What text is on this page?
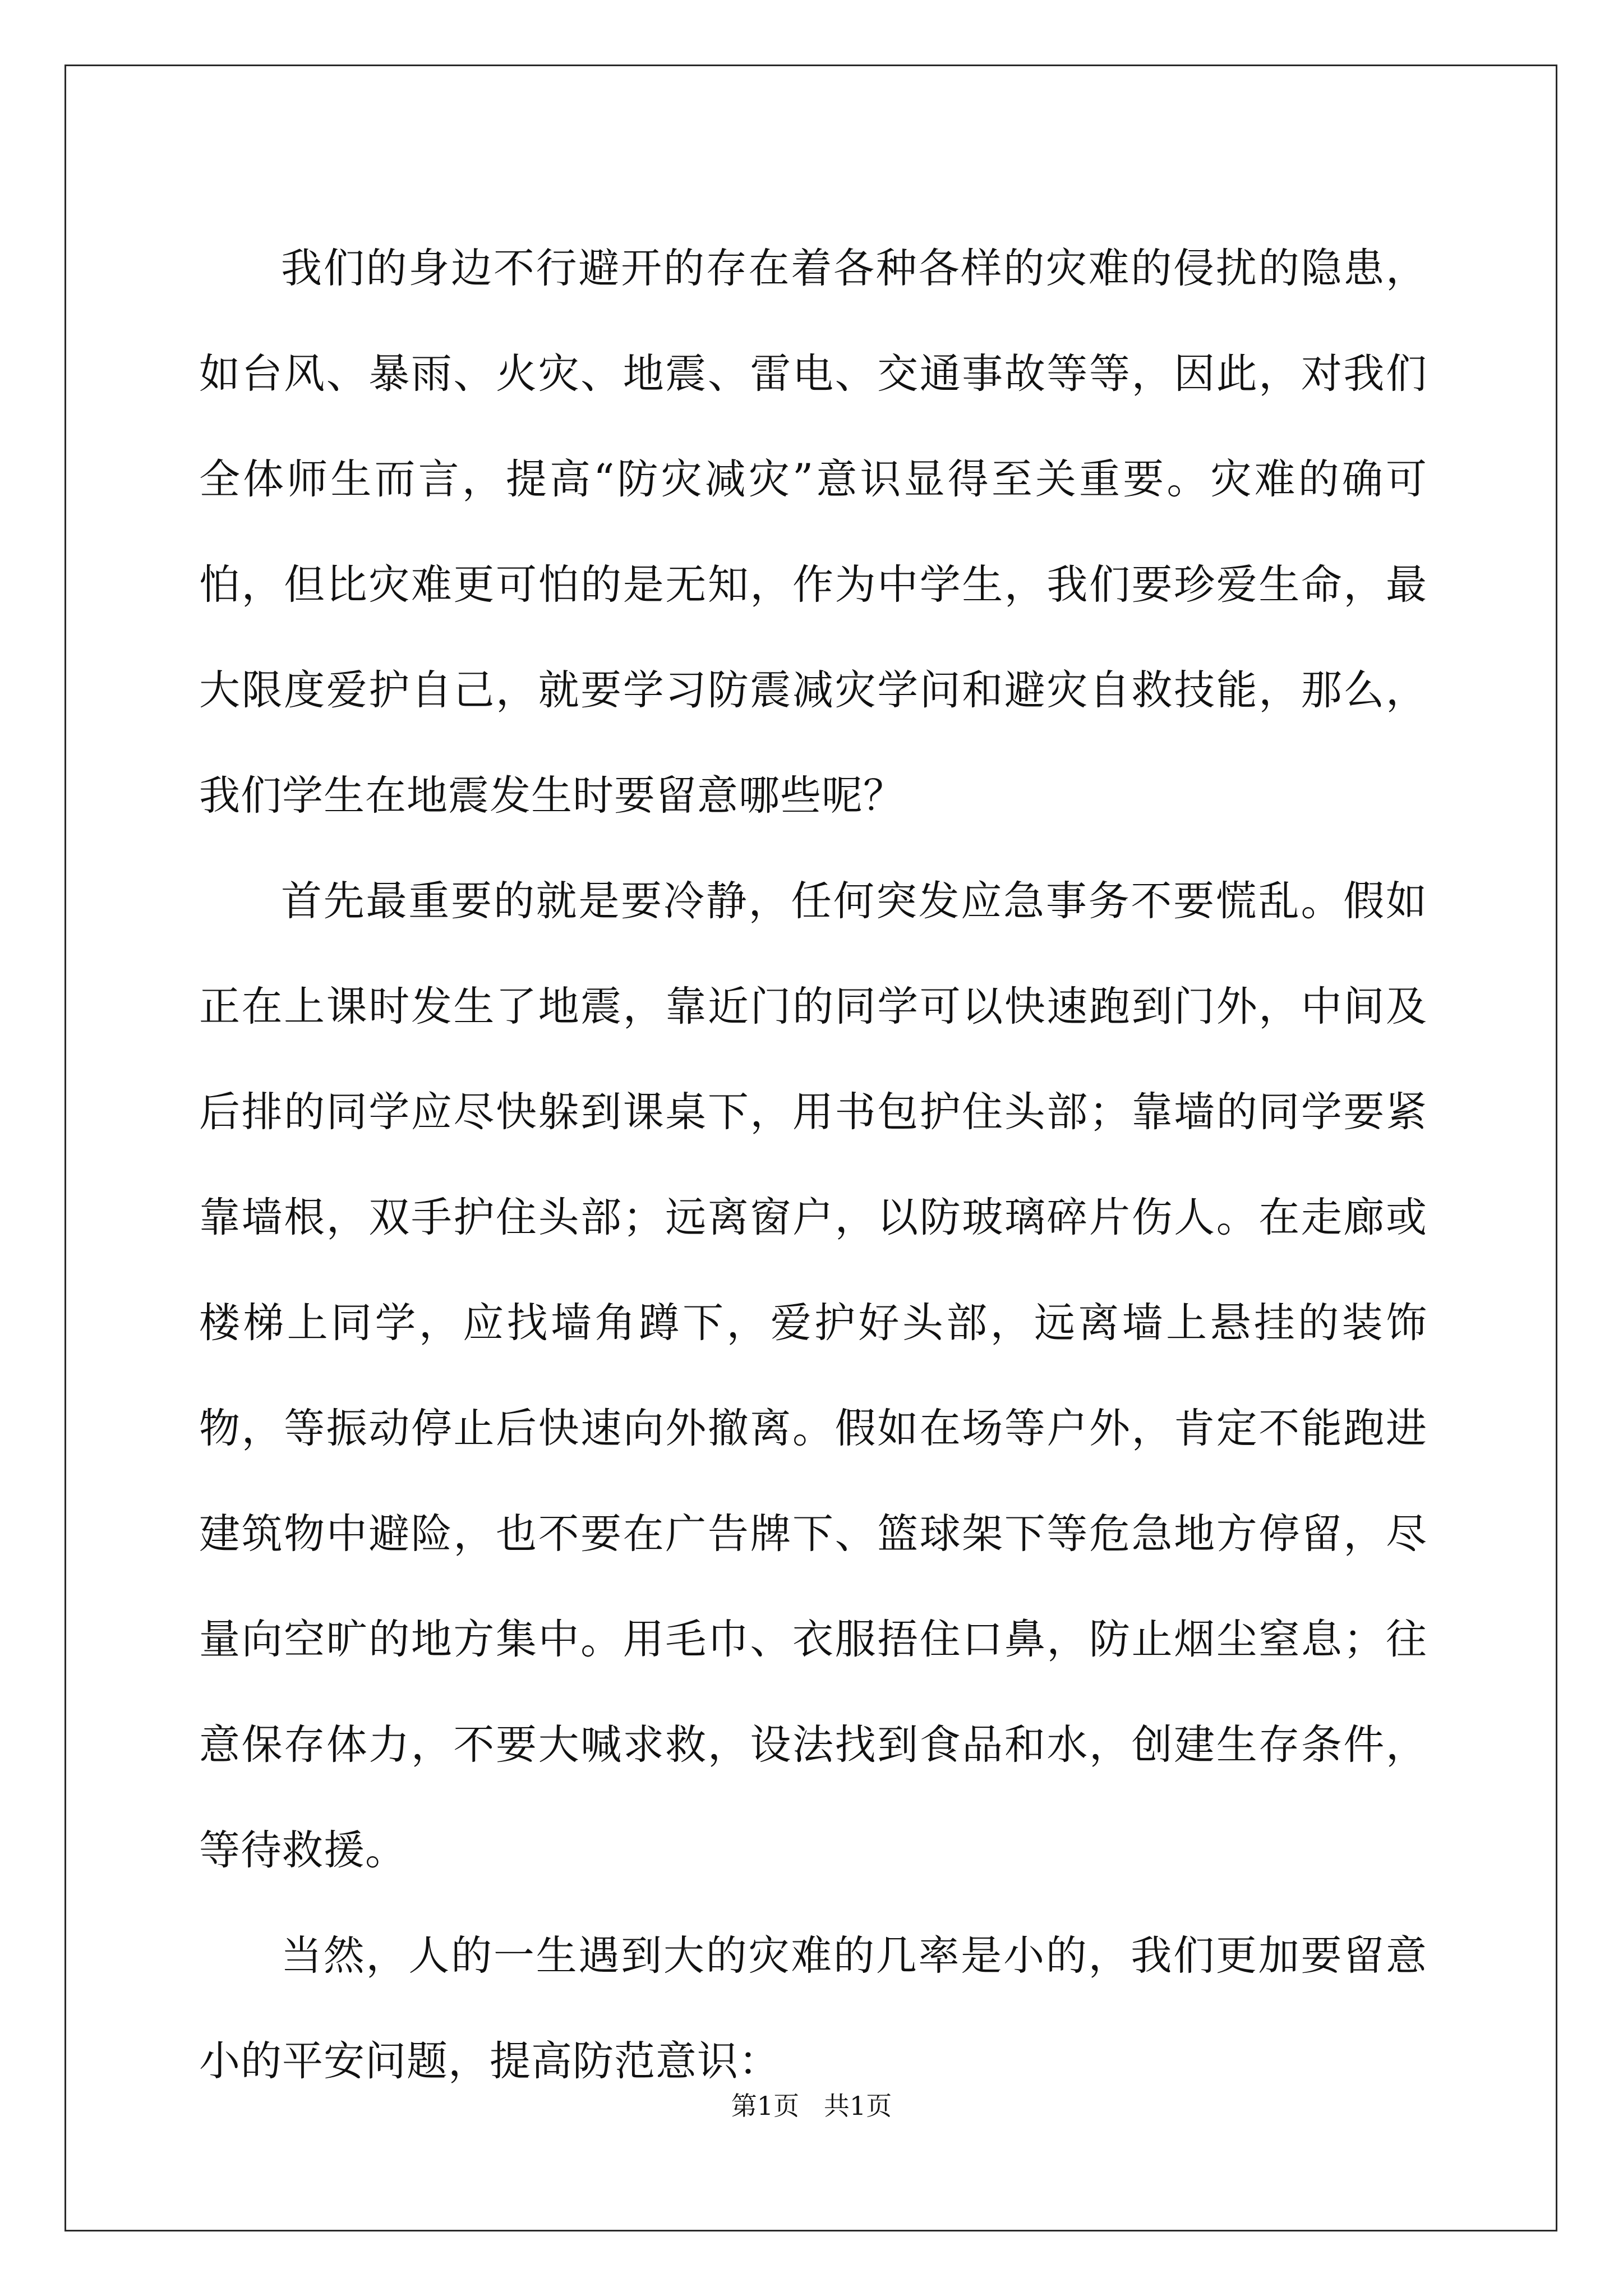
我们的身边不行避开的存在着各种各样的灾难的侵扰的隐患，如台风、暴雨、火灾、地震、雷电、交通事故等等，因此，对我们全体师生而言，提高“防灾减灾”意识显得至关重要。灾难的确可怕，但比灾难更可怕的是无知，作为中学生，我们要珍爱生命，最大限度爱护自己，就要学习防震减灾学问和避灾自救技能，那么，我们学生在地震发生时要留意哪些呢？

首先最重要的就是要冷静，任何突发应急事务不要慌乱。假如正在上课时发生了地震，靠近门的同学可以快速跑到门外，中间及后排的同学应尽快躲到课桌下，用书包护住头部；靠墙的同学要紧靠墙根，双手护住头部；远离窗户，以防玻璃碎片伤人。在走廊或楼梯上同学，应找墙角蹲下，爱护好头部，远离墙上悬挂的装饰物，等振动停止后快速向外撤离。假如在场等户外，肯定不能跑进建筑物中避险，也不要在广告牌下、篮球架下等危急地方停留，尽量向空旷的地方集中。用毛巾、衣服捂住口鼻，防止烟尘窒息；往意保存体力，不要大喊求救，设法找到食品和水，创建生存条件，等待救援。

当然，人的一生遇到大的灾难的几率是小的，我们更加要留意小的平安问题，提高防范意识：

第1页   共1页
